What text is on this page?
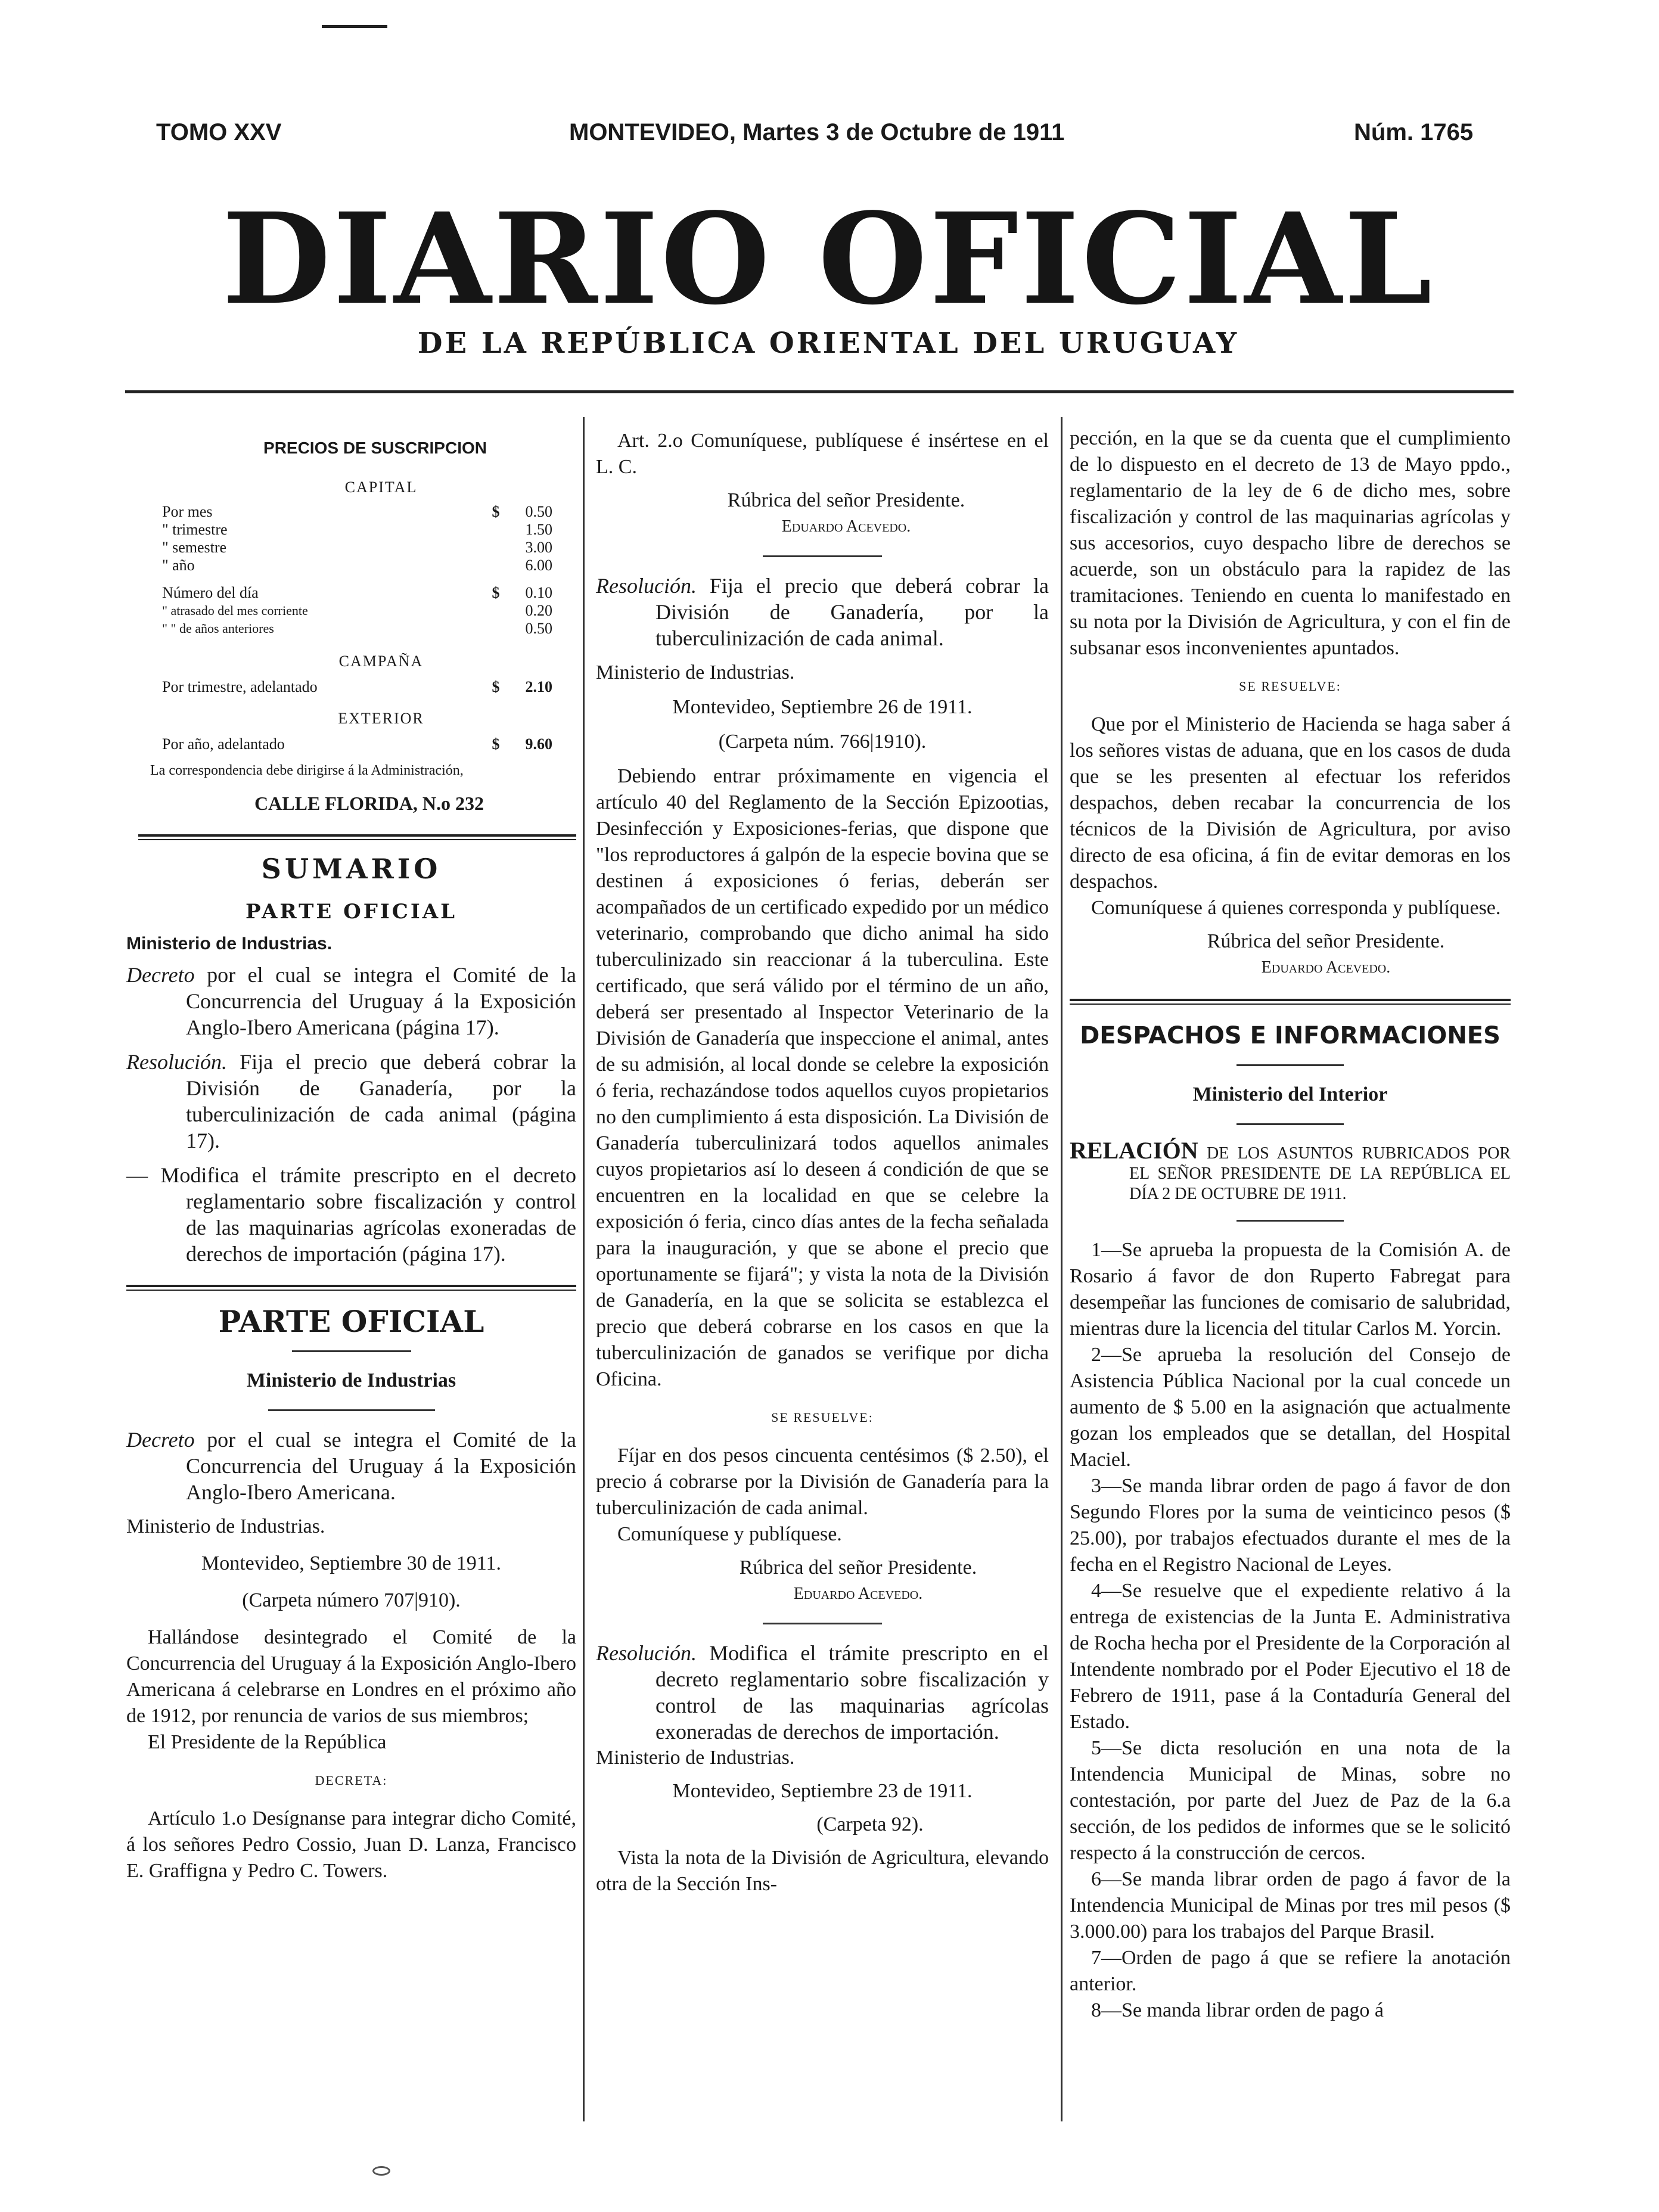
TOMO XXV	MONTEVIDEO, Martes 3 de Octubre de 1911	Núm. 1765
DIARIO OFICIAL
DE LA REPÚBLICA ORIENTAL DEL URUGUAY

PRECIOS DE SUSCRIPCION

CAPITAL

Por mes	$	0.50
" trimestre	1.50
" semestre	3.00
" año	6.00
Número del día	$	0.10
" atrasado del mes corriente	0.20
" " de años anteriores	0.50

CAMPAÑA

Por trimestre, adelantado	$	2.10

EXTERIOR

Por año, adelantado	$	9.60

La correspondencia debe dirigirse á la Administración,

CALLE FLORIDA, N.o 232

SUMARIO

PARTE OFICIAL

Ministerio de Industrias.

Decreto por el cual se integra el Comité de la Concurrencia del Uruguay á la Exposición Anglo-Ibero Americana (página 17).

Resolución. Fija el precio que deberá cobrar la División de Ganadería, por la tuberculinización de cada animal (página 17).

— Modifica el trámite prescripto en el decreto reglamentario sobre fiscalización y control de las maquinarias agrícolas exoneradas de derechos de importación (página 17).

PARTE OFICIAL

Ministerio de Industrias

Decreto por el cual se integra el Comité de la Concurrencia del Uruguay á la Exposición Anglo-Ibero Americana.

Ministerio de Industrias.

Montevideo, Septiembre 30 de 1911.

(Carpeta número 707|910).

Hallándose desintegrado el Comité de la Concurrencia del Uruguay á la Exposición Anglo-Ibero Americana á celebrarse en Londres en el próximo año de 1912, por renuncia de varios de sus miembros;

El Presidente de la República

DECRETA:

Artículo 1.o Desígnanse para integrar dicho Comité, á los señores Pedro Cossio, Juan D. Lanza, Francisco E. Graffigna y Pedro C. Towers.

Art. 2.o Comuníquese, publíquese é insértese en el L. C.

Rúbrica del señor Presidente.

Eduardo Acevedo.

Resolución. Fija el precio que deberá cobrar la División de Ganadería, por la tuberculinización de cada animal.

Ministerio de Industrias.

Montevideo, Septiembre 26 de 1911.

(Carpeta núm. 766|1910).

Debiendo entrar próximamente en vigencia el artículo 40 del Reglamento de la Sección Epizootias, Desinfección y Exposiciones-ferias, que dispone que "los reproductores á galpón de la especie bovina que se destinen á exposiciones ó ferias, deberán ser acompañados de un certificado expedido por un médico veterinario, comprobando que dicho animal ha sido tuberculinizado sin reaccionar á la tuberculina. Este certificado, que será válido por el término de un año, deberá ser presentado al Inspector Veterinario de la División de Ganadería que inspeccione el animal, antes de su admisión, al local donde se celebre la exposición ó feria, rechazándose todos aquellos cuyos propietarios no den cumplimiento á esta disposición. La División de Ganadería tuberculinizará todos aquellos animales cuyos propietarios así lo deseen á condición de que se encuentren en la localidad en que se celebre la exposición ó feria, cinco días antes de la fecha señalada para la inauguración, y que se abone el precio que oportunamente se fijará"; y vista la nota de la División de Ganadería, en la que se solicita se establezca el precio que deberá cobrarse en los casos en que la tuberculinización de ganados se verifique por dicha Oficina.

SE RESUELVE:

Fíjar en dos pesos cincuenta centésimos ($ 2.50), el precio á cobrarse por la División de Ganadería para la tuberculinización de cada animal.

Comuníquese y publíquese.

Rúbrica del señor Presidente.

Eduardo Acevedo.

Resolución. Modifica el trámite prescripto en el decreto reglamentario sobre fiscalización y control de las maquinarias agrícolas exoneradas de derechos de importación.

Ministerio de Industrias.

Montevideo, Septiembre 23 de 1911.

(Carpeta 92).

Vista la nota de la División de Agricultura, elevando otra de la Sección Ins-

pección, en la que se da cuenta que el cumplimiento de lo dispuesto en el decreto de 13 de Mayo ppdo., reglamentario de la ley de 6 de dicho mes, sobre fiscalización y control de las maquinarias agrícolas y sus accesorios, cuyo despacho libre de derechos se acuerde, son un obstáculo para la rapidez de las tramitaciones. Teniendo en cuenta lo manifestado en su nota por la División de Agricultura, y con el fin de subsanar esos inconvenientes apuntados.

SE RESUELVE:

Que por el Ministerio de Hacienda se haga saber á los señores vistas de aduana, que en los casos de duda que se les presenten al efectuar los referidos despachos, deben recabar la concurrencia de los técnicos de la División de Agricultura, por aviso directo de esa oficina, á fin de evitar demoras en los despachos.

Comuníquese á quienes corresponda y publíquese.

Rúbrica del señor Presidente.

Eduardo Acevedo.

DESPACHOS E INFORMACIONES

Ministerio del Interior

RELACIÓN DE LOS ASUNTOS RUBRICADOS POR EL SEÑOR PRESIDENTE DE LA REPÚBLICA EL DÍA 2 DE OCTUBRE DE 1911.

1—Se aprueba la propuesta de la Comisión A. de Rosario á favor de don Ruperto Fabregat para desempeñar las funciones de comisario de salubridad, mientras dure la licencia del titular Carlos M. Yorcin.

2—Se aprueba la resolución del Consejo de Asistencia Pública Nacional por la cual concede un aumento de $ 5.00 en la asignación que actualmente gozan los empleados que se detallan, del Hospital Maciel.

3—Se manda librar orden de pago á favor de don Segundo Flores por la suma de veinticinco pesos ($ 25.00), por trabajos efectuados durante el mes de la fecha en el Registro Nacional de Leyes.

4—Se resuelve que el expediente relativo á la entrega de existencias de la Junta E. Administrativa de Rocha hecha por el Presidente de la Corporación al Intendente nombrado por el Poder Ejecutivo el 18 de Febrero de 1911, pase á la Contaduría General del Estado.

5—Se dicta resolución en una nota de la Intendencia Municipal de Minas, sobre no contestación, por parte del Juez de Paz de la 6.a sección, de los pedidos de informes que se le solicitó respecto á la construcción de cercos.

6—Se manda librar orden de pago á favor de la Intendencia Municipal de Minas por tres mil pesos ($ 3.000.00) para los trabajos del Parque Brasil.

7—Orden de pago á que se refiere la anotación anterior.

8—Se manda librar orden de pago á
